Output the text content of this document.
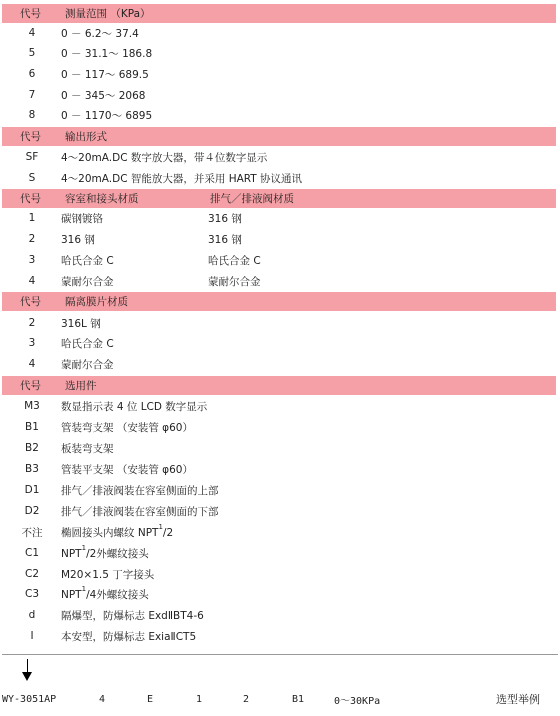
代号 测量范围 （KPa）
4	0 － 6.2～ 37.4
5	0 － 31.1～ 186.8
6	0 － 117～ 689.5
7	0 － 345～ 2068
8	0 － 1170～ 6895
代号 输出形式
SF	4～20mA.DC 数字放大器，带４位数字显示
S	4～20mA.DC 智能放大器，并采用 HART 协议通讯
代号 容室和接头材质	排气／排液阀材质
1	碳钢镀铬	316 钢
2	316 钢	316 钢
3	哈氏合金 C	哈氏合金 C
4	蒙耐尔合金	蒙耐尔合金
代号 隔离膜片材质
2	316L 钢
3	哈氏合金 C
4	蒙耐尔合金
代号 选用件
M3	数显指示表 4 位 LCD 数字显示
B1	管装弯支架 （安装管 φ60）
B2	板装弯支架
B3	管装平支架 （安装管 φ60）
D1	排气／排液阀装在容室侧面的上部
D2	排气／排液阀装在容室侧面的下部
不注	椭圆接头内螺纹 NPT$^1$/2
C1	NPT$^1$/2外螺纹接头
C2	M20×1.5 丁字接头
C3	NPT$^1$/4外螺纹接头
d	隔爆型，防爆标志 ExdⅡBT4-6
I	本安型，防爆标志 ExiaⅡCT5
WY-3051AP	4	E	1	2	B1	0～30KPa	选型举例
